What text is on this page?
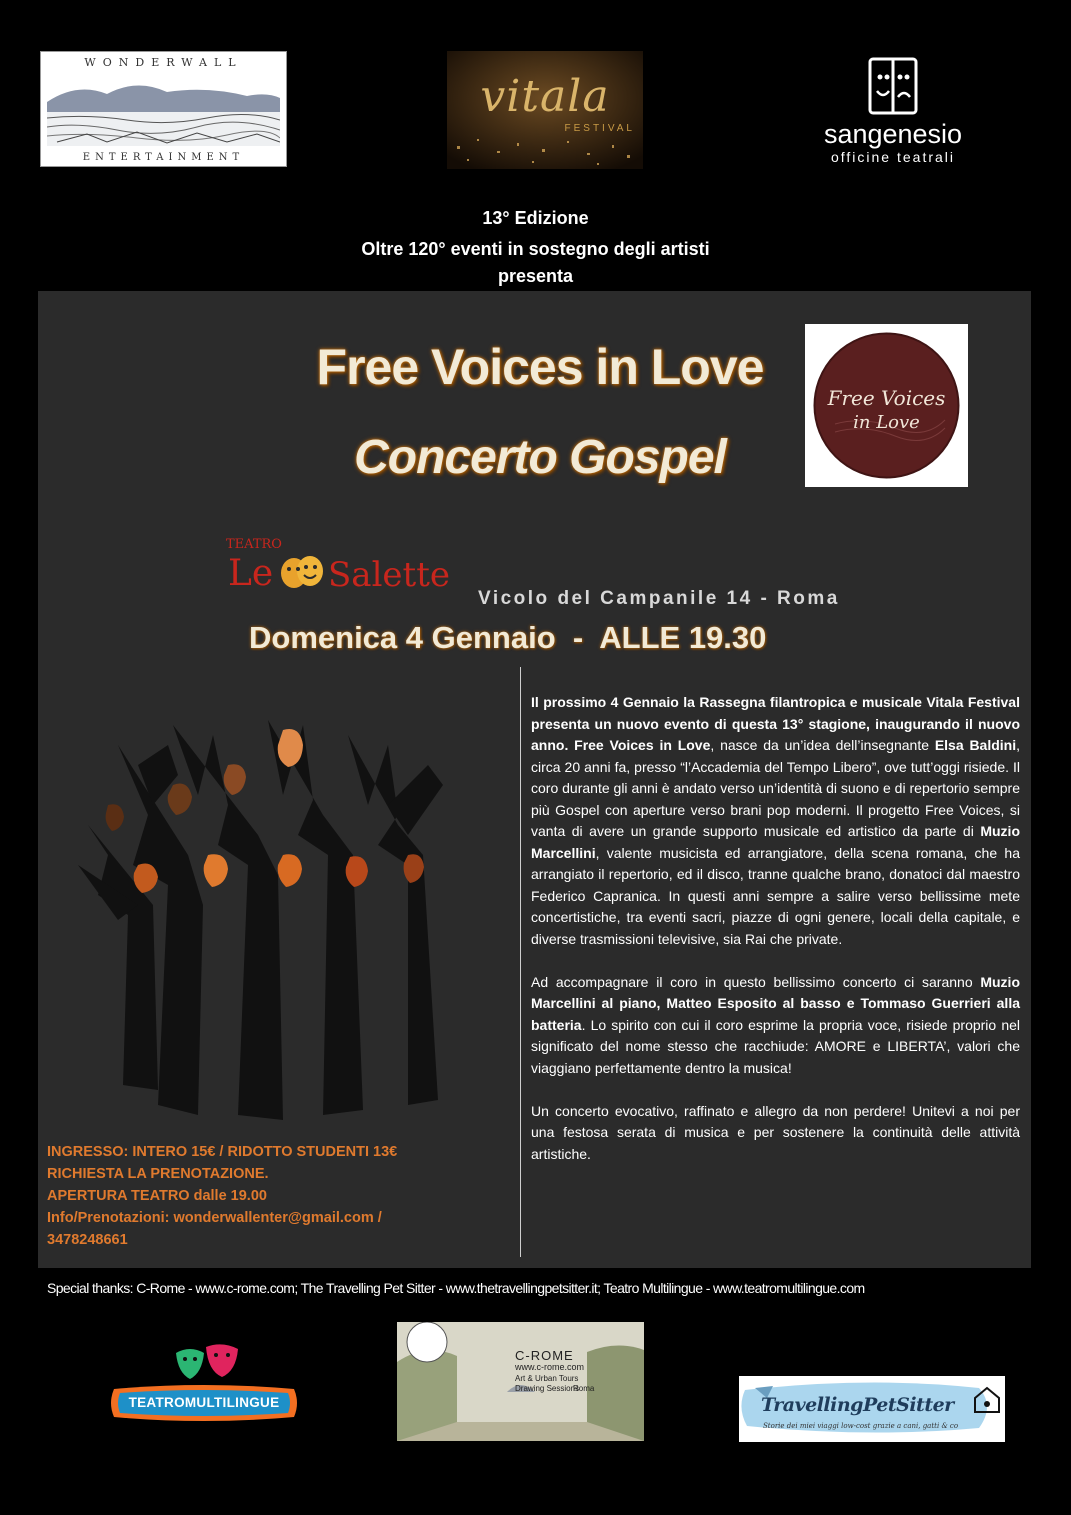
WONDERWALL
ENTERTAINMENT
vitala
FESTIVAL	sangenesio
officine teatrali
13° Edizione
Oltre 120° eventi in sostegno degli artisti
presenta
Free Voices in Love
Concerto Gospel
Free Voices
in Love
TEATRO
Le Salette
Vicolo del Campanile 14 - Roma
Domenica 4 Gennaio  -  ALLE 19.30

Il prossimo 4 Gennaio la Rassegna filantropica e musicale Vitala Festival presenta un nuovo evento di questa 13° stagione, inaugurando il nuovo anno. Free Voices in Love, nasce da un’idea dell’insegnante Elsa Baldini, circa 20 anni fa, presso “l’Accademia del Tempo Libero”, ove tutt’oggi risiede. Il coro durante gli anni è andato verso un’identità di suono e di repertorio sempre più Gospel con aperture verso brani pop moderni. Il progetto Free Voices, si vanta di avere un grande supporto musicale ed artistico da parte di Muzio Marcellini, valente musicista ed arrangiatore, della scena romana, che ha arrangiato il repertorio, ed il disco, tranne qualche brano, donatoci dal maestro Federico Capranica. In questi anni sempre a salire verso bellissime mete concertistiche, tra eventi sacri, piazze di ogni genere, locali della capitale, e diverse trasmissioni televisive, sia Rai che private.

Ad accompagnare il coro in questo bellissimo concerto ci saranno Muzio Marcellini al piano, Matteo Esposito al basso e Tommaso Guerrieri alla batteria. Lo spirito con cui il coro esprime la propria voce, risiede proprio nel significato del nome stesso che racchiude: AMORE e LIBERTA’, valori che viaggiano perfettamente dentro la musica!

Un concerto evocativo, raffinato e allegro da non perdere! Unitevi a noi per una festosa serata di musica e per sostenere la continuità delle attività artistiche.

INGRESSO: INTERO 15€ / RIDOTTO STUDENTI 13€
RICHIESTA LA PRENOTAZIONE.
APERTURA TEATRO dalle 19.00
Info/Prenotazioni: wonderwallenter@gmail.com /
3478248661
Special thanks: C-Rome - www.c-rome.com; The Travelling Pet Sitter - www.thetravellingpetsitter.it; Teatro Multilingue - www.teatromultilingue.com
TEATROMULTILINGUE
C-ROME
www.c-rome.com
Art & Urban Tours
Drawing Sessions
Roma
TravellingPetSitter
Storie dei miei viaggi low-cost grazie a cani, gatti & co
